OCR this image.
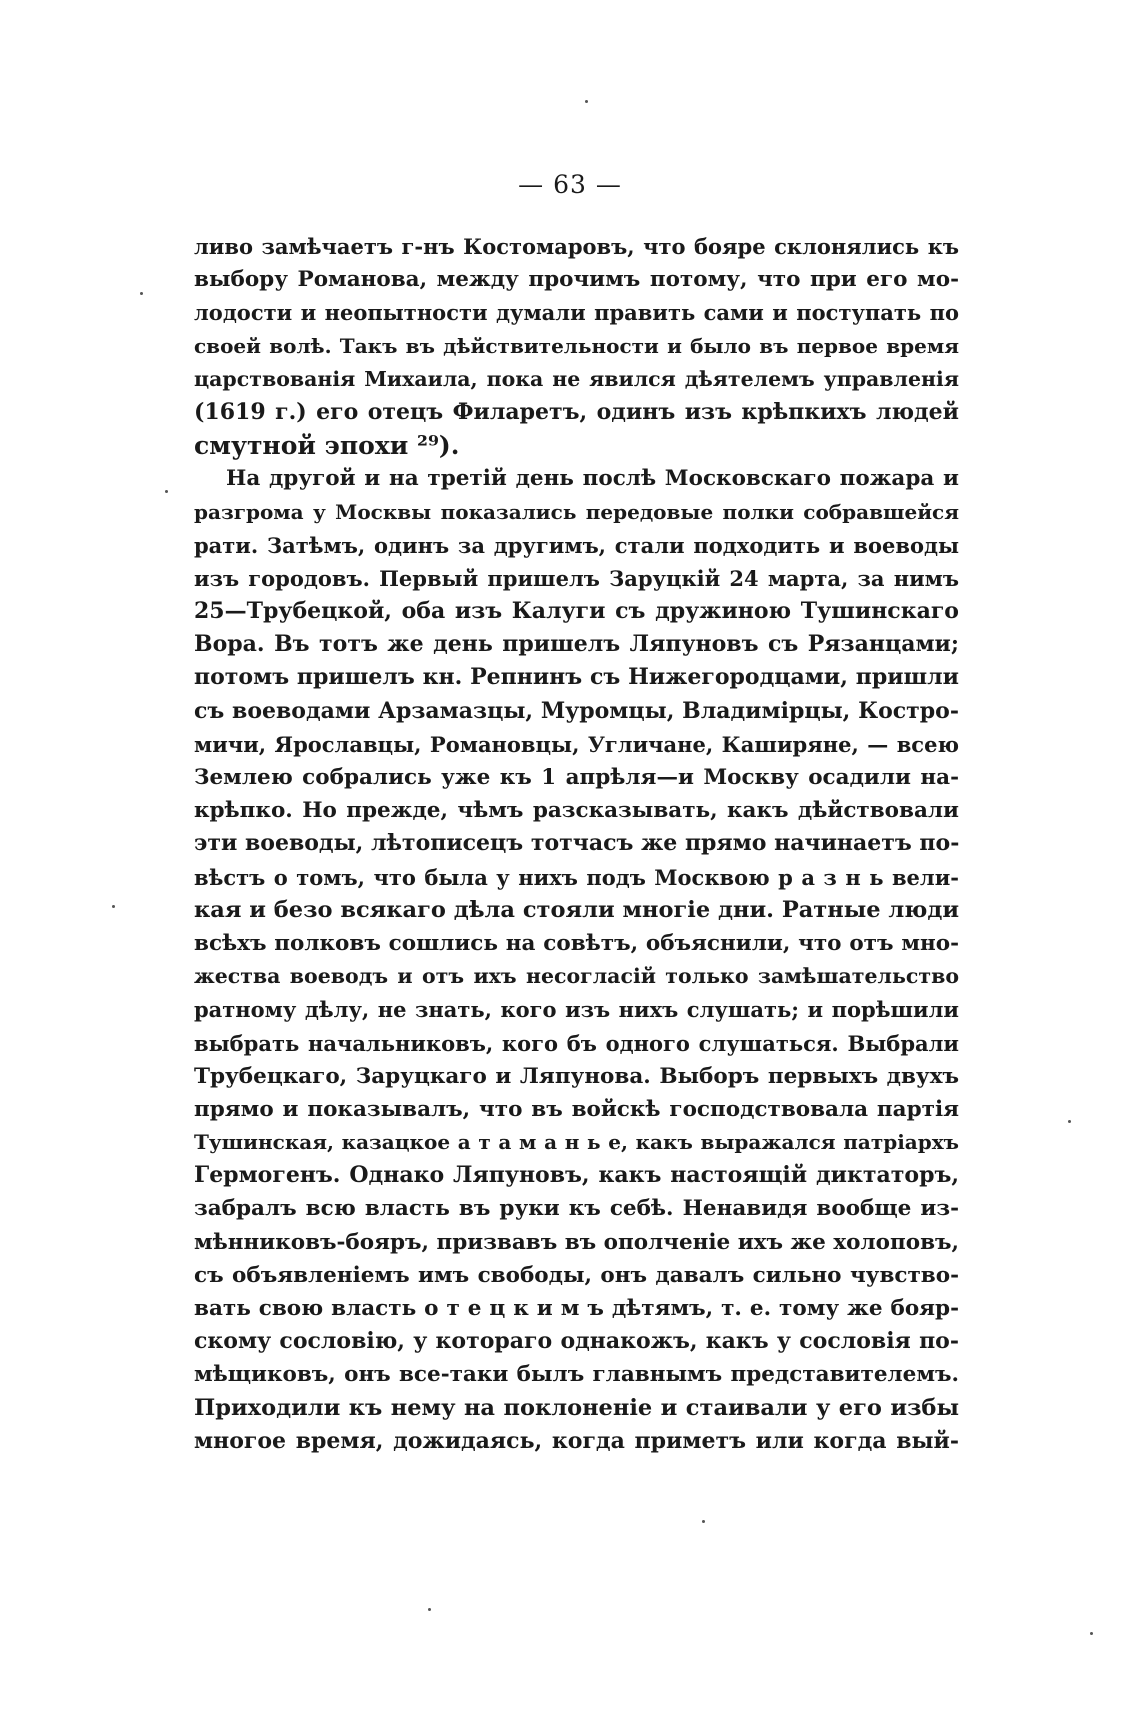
— 63 —
ливо замѣчаетъ г-нъ Костомаровъ, что бояре склонялись къ
выбору Романова, между прочимъ потому, что при его мо-
лодости и неопытности думали править сами и поступать по
своей волѣ. Такъ въ дѣйствительности и было въ первое время
царствованія Михаила, пока не явился дѣятелемъ управленія
(1619 г.) его отецъ Филаретъ, одинъ изъ крѣпкихъ людей
смутной эпохи ²⁹).
На другой и на третій день послѣ Московскаго пожара и
разгрома у Москвы показались передовые полки собравшейся
рати. Затѣмъ, одинъ за другимъ, стали подходить и воеводы
изъ городовъ. Первый пришелъ Заруцкій 24 марта, за нимъ
25—Трубецкой, оба изъ Калуги съ дружиною Тушинскаго
Вора. Въ тотъ же день пришелъ Ляпуновъ съ Рязанцами;
потомъ пришелъ кн. Репнинъ съ Нижегородцами, пришли
съ воеводами Арзамазцы, Муромцы, Владимірцы, Костро-
мичи, Ярославцы, Романовцы, Угличане, Каширяне, — всею
Землею собрались уже къ 1 апрѣля—и Москву осадили на-
крѣпко. Но прежде, чѣмъ разсказывать, какъ дѣйствовали
эти воеводы, лѣтописецъ тотчасъ же прямо начинаетъ по-
вѣстъ о томъ, что была у нихъ подъ Москвою р а з н ь вели-
кая и безо всякаго дѣла стояли многіе дни. Ратные люди
всѣхъ полковъ сошлись на совѣтъ, объяснили, что отъ мно-
жества воеводъ и отъ ихъ несогласій только замѣшательство
ратному дѣлу, не знать, кого изъ нихъ слушать; и порѣшили
выбрать начальниковъ, кого бъ одного слушаться. Выбрали
Трубецкаго, Заруцкаго и Ляпунова. Выборъ первыхъ двухъ
прямо и показывалъ, что въ войскѣ господствовала партія
Тушинская, казацкое а т а м а н ь е, какъ выражался патріархъ
Гермогенъ. Однако Ляпуновъ, какъ настоящій диктаторъ,
забралъ всю власть въ руки къ себѣ. Ненавидя вообще из-
мѣнниковъ-бояръ, призвавъ въ ополченіе ихъ же холоповъ,
съ объявленіемъ имъ свободы, онъ давалъ сильно чувство-
вать свою власть о т е ц к и м ъ дѣтямъ, т. е. тому же бояр-
скому сословію, у котораго однакожъ, какъ у сословія по-
мѣщиковъ, онъ все-таки былъ главнымъ представителемъ.
Приходили къ нему на поклоненіе и стаивали у его избы
многое время, дожидаясь, когда приметъ или когда вый-
